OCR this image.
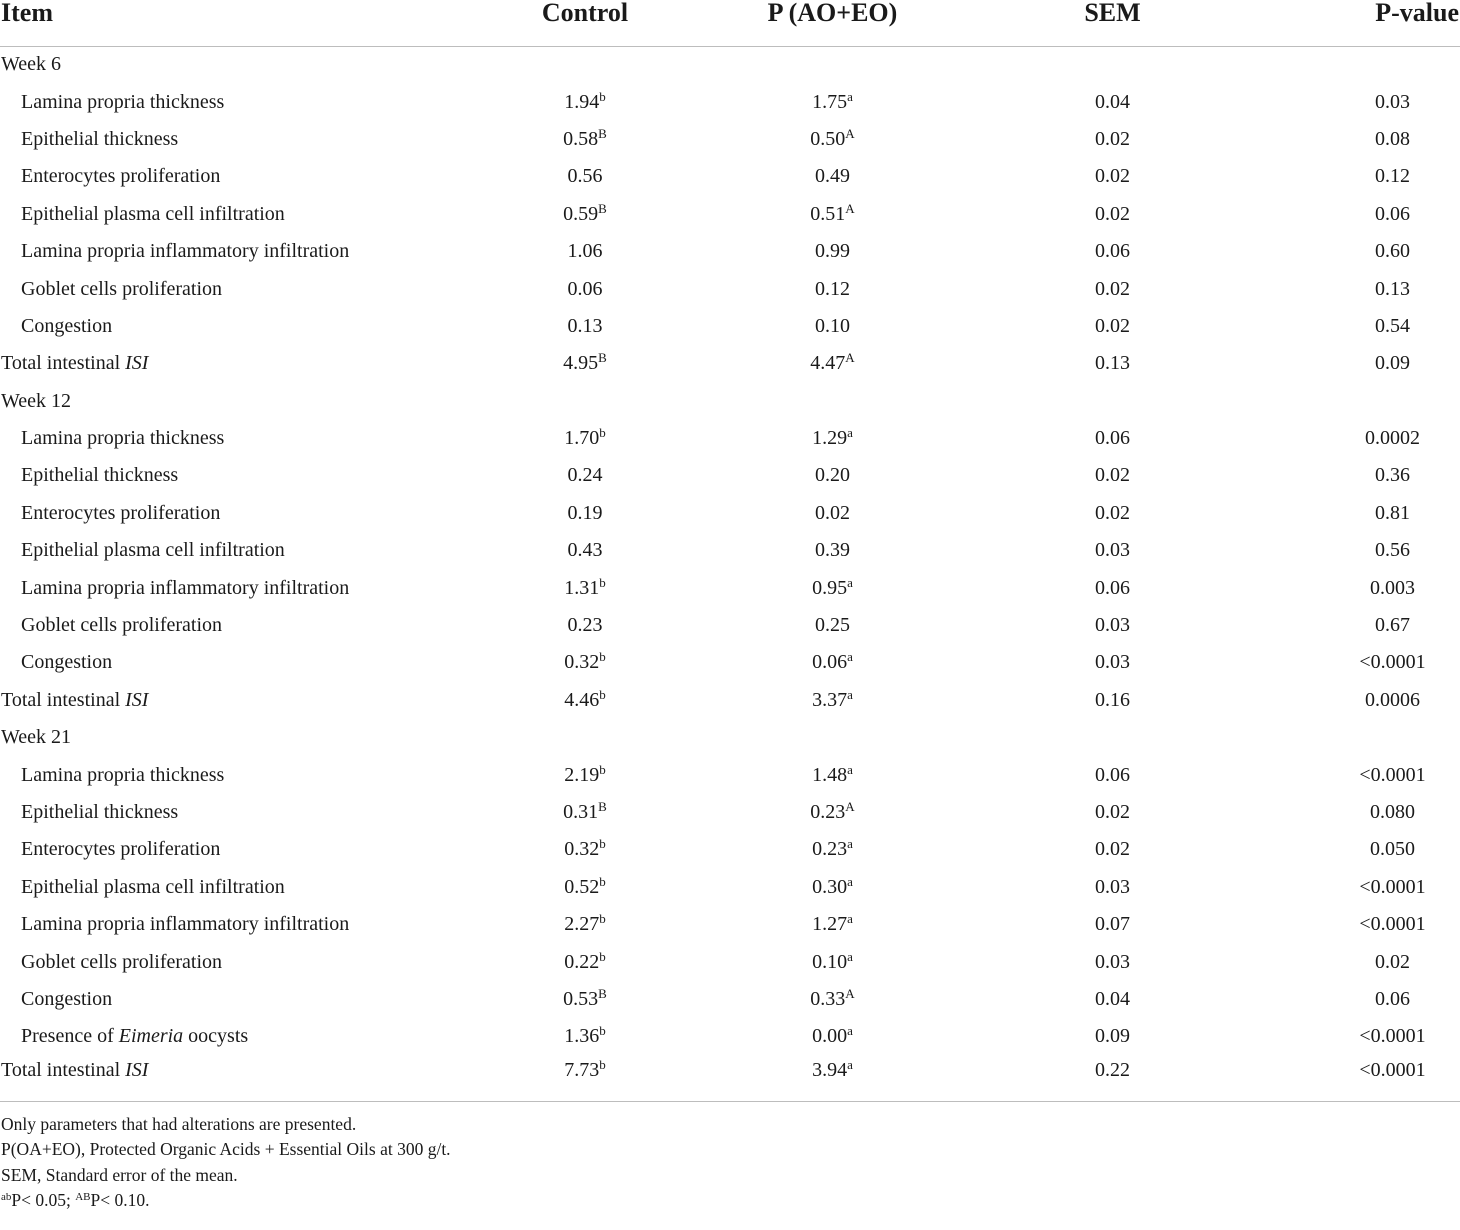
Item	Control	P (AO+EO)	SEM	P-value
Week 6				
Lamina propria thickness	1.94$^b$	1.75$^a$	0.04	0.03
Epithelial thickness	$0.58^B$	$0.50^A$	0.02	0.08
Enterocytes proliferation	0.56	0.49	0.02	0.12
Epithelial plasma cell infiltration	$0.59^B$	$0.51^A$	0.02	0.06
Lamina propria inflammatory infiltration	1.06	0.99	0.06	0.60
Goblet cells proliferation	0.06	0.12	0.02	0.13
Congestion	0.13	0.10	0.02	0.54
Total intestinal ISI	$4.95^B$	$4.47^A$	0.13	0.09
Week 12				
Lamina propria thickness	1.70$^b$	1.29$^a$	0.06	0.0002
Epithelial thickness	0.24	0.20	0.02	0.36
Enterocytes proliferation	0.19	0.02	0.02	0.81
Epithelial plasma cell infiltration	0.43	0.39	0.03	0.56
Lamina propria inflammatory infiltration	1.31$^b$	0.95$^a$	0.06	0.003
Goblet cells proliferation	0.23	0.25	0.03	0.67
Congestion	0.32$^b$	0.06$^a$	0.03	<0.0001
Total intestinal ISI	4.46$^b$	3.37$^a$	0.16	0.0006
Week 21				
Lamina propria thickness	2.19$^b$	1.48$^a$	0.06	<0.0001
Epithelial thickness	$0.31^B$	$0.23^A$	0.02	0.080
Enterocytes proliferation	0.32$^b$	0.23$^a$	0.02	0.050
Epithelial plasma cell infiltration	0.52$^b$	0.30$^a$	0.03	<0.0001
Lamina propria inflammatory infiltration	2.27$^b$	1.27$^a$	0.07	<0.0001
Goblet cells proliferation	0.22$^b$	0.10$^a$	0.03	0.02
Congestion	$0.53^B$	$0.33^A$	0.04	0.06
Presence of Eimeria oocysts	1.36$^b$	0.00$^a$	0.09	<0.0001
Total intestinal ISI	7.73$^b$	3.94$^a$	0.22	<0.0001
Only parameters that had alterations are presented.
P(OA+EO), Protected Organic Acids + Essential Oils at 300 g/t.
SEM, Standard error of the mean.
$^{ab}$P< 0.05; $^{AB}$P< 0.10.
